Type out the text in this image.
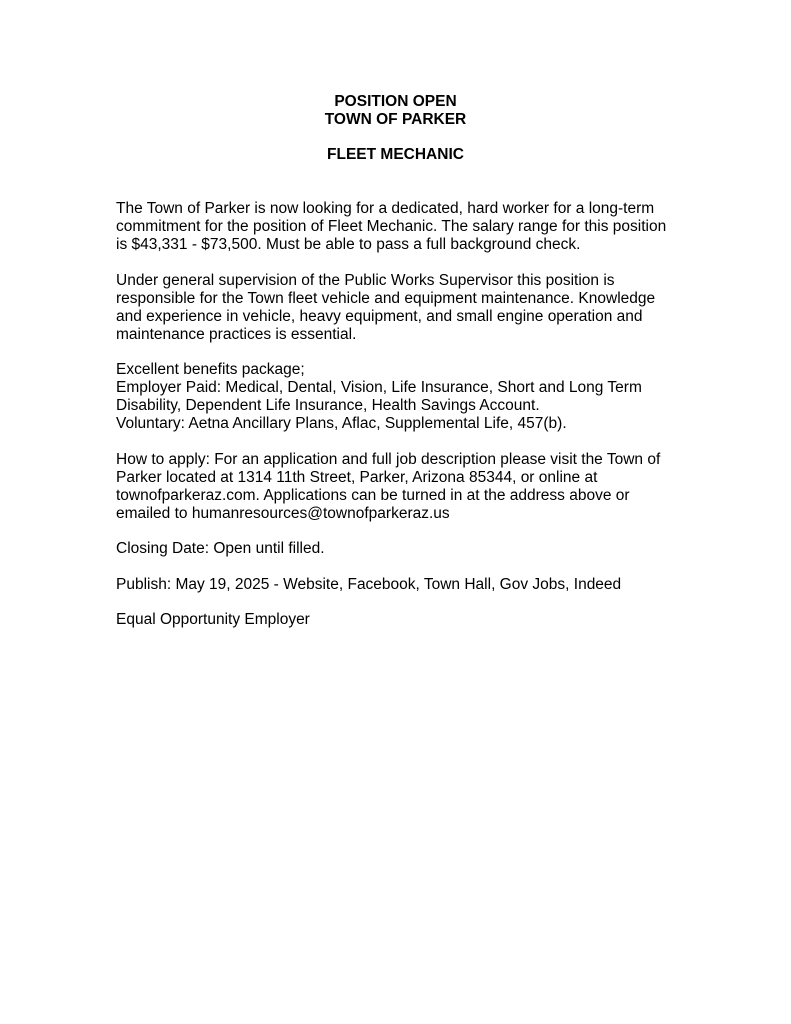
POSITION OPEN
TOWN OF PARKER
FLEET MECHANIC

The Town of Parker is now looking for a dedicated, hard worker for a long-term
commitment for the position of Fleet Mechanic. The salary range for this position
is $43,331 - $73,500. Must be able to pass a full background check.

Under general supervision of the Public Works Supervisor this position is
responsible for the Town fleet vehicle and equipment maintenance. Knowledge
and experience in vehicle, heavy equipment, and small engine operation and
maintenance practices is essential.

Excellent benefits package;
Employer Paid: Medical, Dental, Vision, Life Insurance, Short and Long Term
Disability, Dependent Life Insurance, Health Savings Account.
Voluntary: Aetna Ancillary Plans, Aflac, Supplemental Life, 457(b).

How to apply: For an application and full job description please visit the Town of
Parker located at 1314 11th Street, Parker, Arizona 85344, or online at
townofparkeraz.com. Applications can be turned in at the address above or
emailed to humanresources@townofparkeraz.us

Closing Date: Open until filled.

Publish: May 19, 2025 - Website, Facebook, Town Hall, Gov Jobs, Indeed

Equal Opportunity Employer
